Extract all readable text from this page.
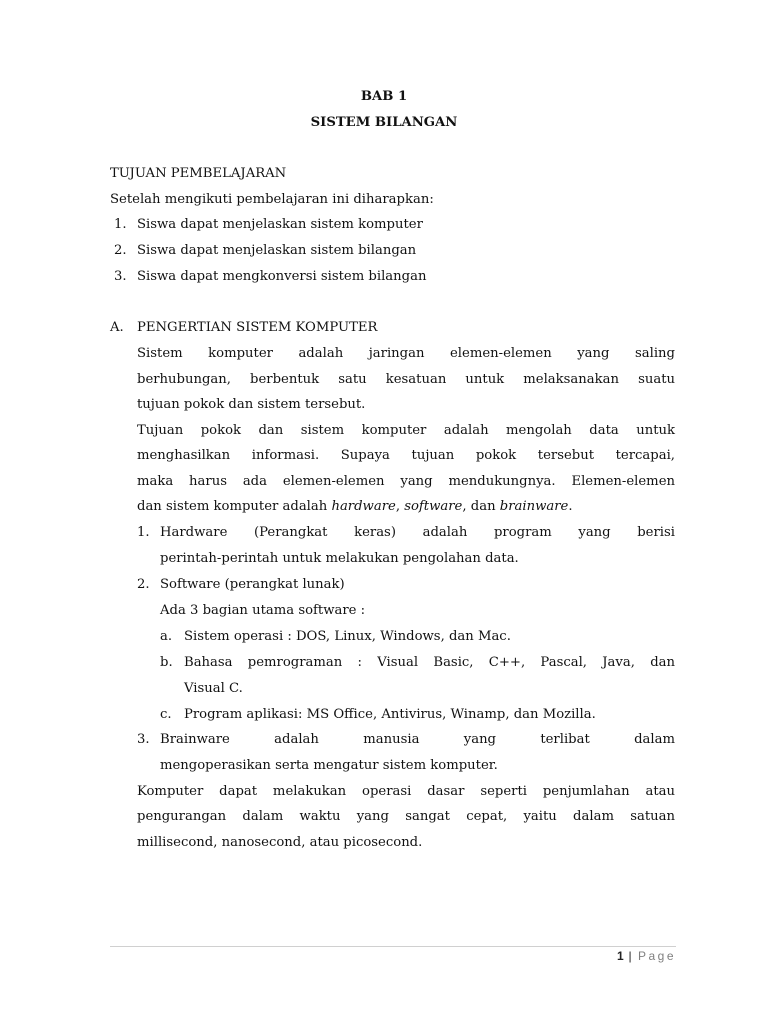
BAB 1
SISTEM BILANGAN
TUJUAN PEMBELAJARAN
Setelah mengikuti pembelajaran ini diharapkan:
1. Siswa dapat menjelaskan sistem komputer
2. Siswa dapat menjelaskan sistem bilangan
3. Siswa dapat mengkonversi sistem bilangan
A. PENGERTIAN SISTEM KOMPUTER
Sistem komputer adalah jaringan elemen-elemen yang saling
berhubungan, berbentuk satu kesatuan untuk melaksanakan suatu
tujuan pokok dan sistem tersebut.
Tujuan pokok dan sistem komputer adalah mengolah data untuk
menghasilkan informasi. Supaya tujuan pokok tersebut tercapai,
maka harus ada elemen-elemen yang mendukungnya. Elemen-elemen
dan sistem komputer adalah hardware, software, dan brainware.
1. Hardware (Perangkat keras) adalah program yang berisi
perintah-perintah untuk melakukan pengolahan data.
2. Software (perangkat lunak)
Ada 3 bagian utama software :
a. Sistem operasi : DOS, Linux, Windows, dan Mac.
b. Bahasa pemrograman : Visual Basic, C++, Pascal, Java, dan
Visual C.
c. Program aplikasi: MS Office, Antivirus, Winamp, dan Mozilla.
3. Brainware adalah manusia yang terlibat dalam
mengoperasikan serta mengatur sistem komputer.
Komputer dapat melakukan operasi dasar seperti penjumlahan atau
pengurangan dalam waktu yang sangat cepat, yaitu dalam satuan
millisecond, nanosecond, atau picosecond.
1 | Page
